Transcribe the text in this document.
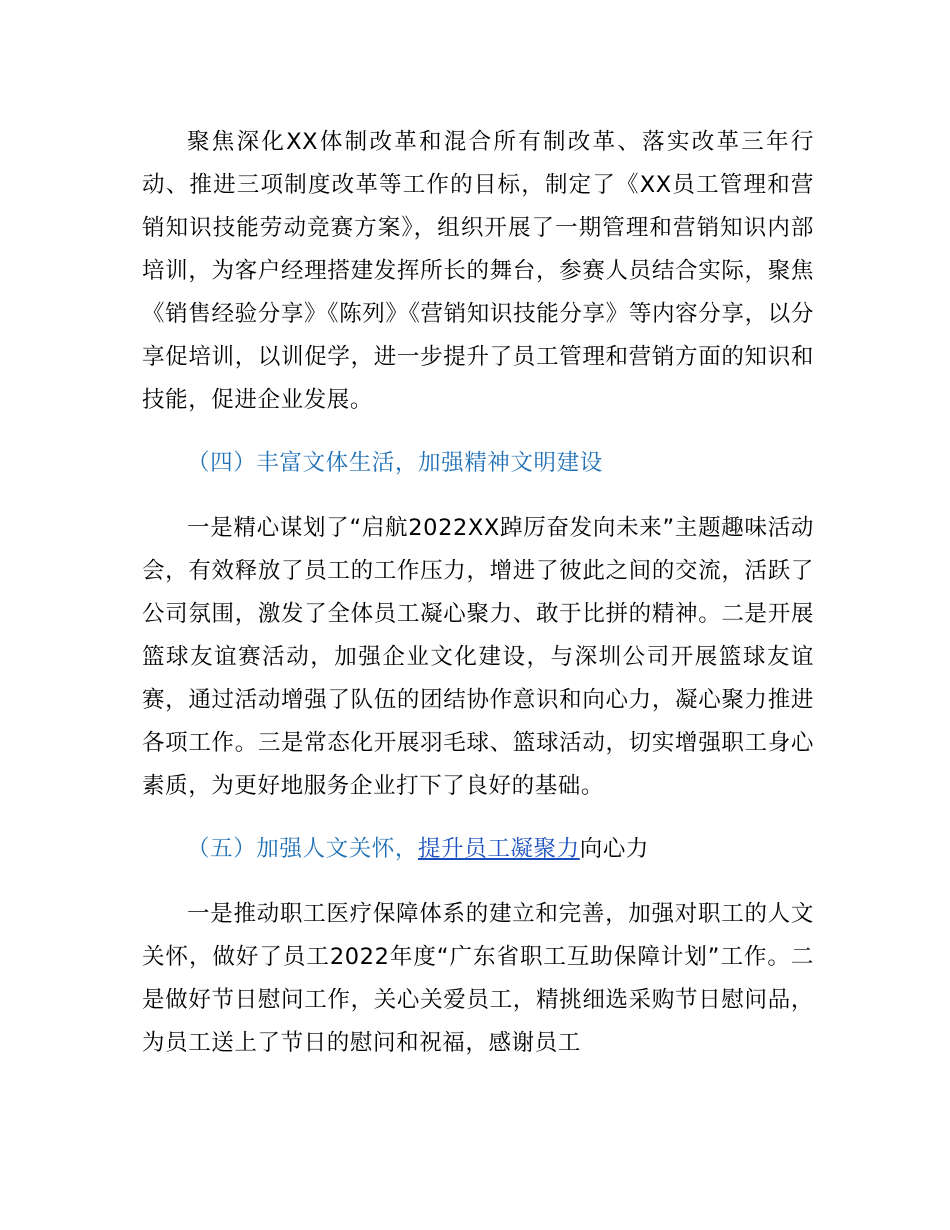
聚焦深化XX体制改革和混合所有制改革、落实改革三年行动、推进三项制度改革等工作的目标，制定了《XX员工管理和营销知识技能劳动竞赛方案》，组织开展了一期管理和营销知识内部培训，为客户经理搭建发挥所长的舞台，参赛人员结合实际，聚焦《销售经验分享》《陈列》《营销知识技能分享》等内容分享，以分享促培训，以训促学，进一步提升了员工管理和营销方面的知识和技能，促进企业发展。

（四）丰富文体生活，加强精神文明建设

一是精心谋划了“启航2022XX踔厉奋发向未来”主题趣味活动会，有效释放了员工的工作压力，增进了彼此之间的交流，活跃了公司氛围，激发了全体员工凝心聚力、敢于比拼的精神。二是开展篮球友谊赛活动，加强企业文化建设，与深圳公司开展篮球友谊赛，通过活动增强了队伍的团结协作意识和向心力，凝心聚力推进各项工作。三是常态化开展羽毛球、篮球活动，切实增强职工身心素质，为更好地服务企业打下了良好的基础。

（五）加强人文关怀，提升员工凝聚力向心力

一是推动职工医疗保障体系的建立和完善，加强对职工的人文关怀，做好了员工2022年度“广东省职工互助保障计划”工作。二是做好节日慰问工作，关心关爱员工，精挑细选采购节日慰问品，为员工送上了节日的慰问和祝福，感谢员工
